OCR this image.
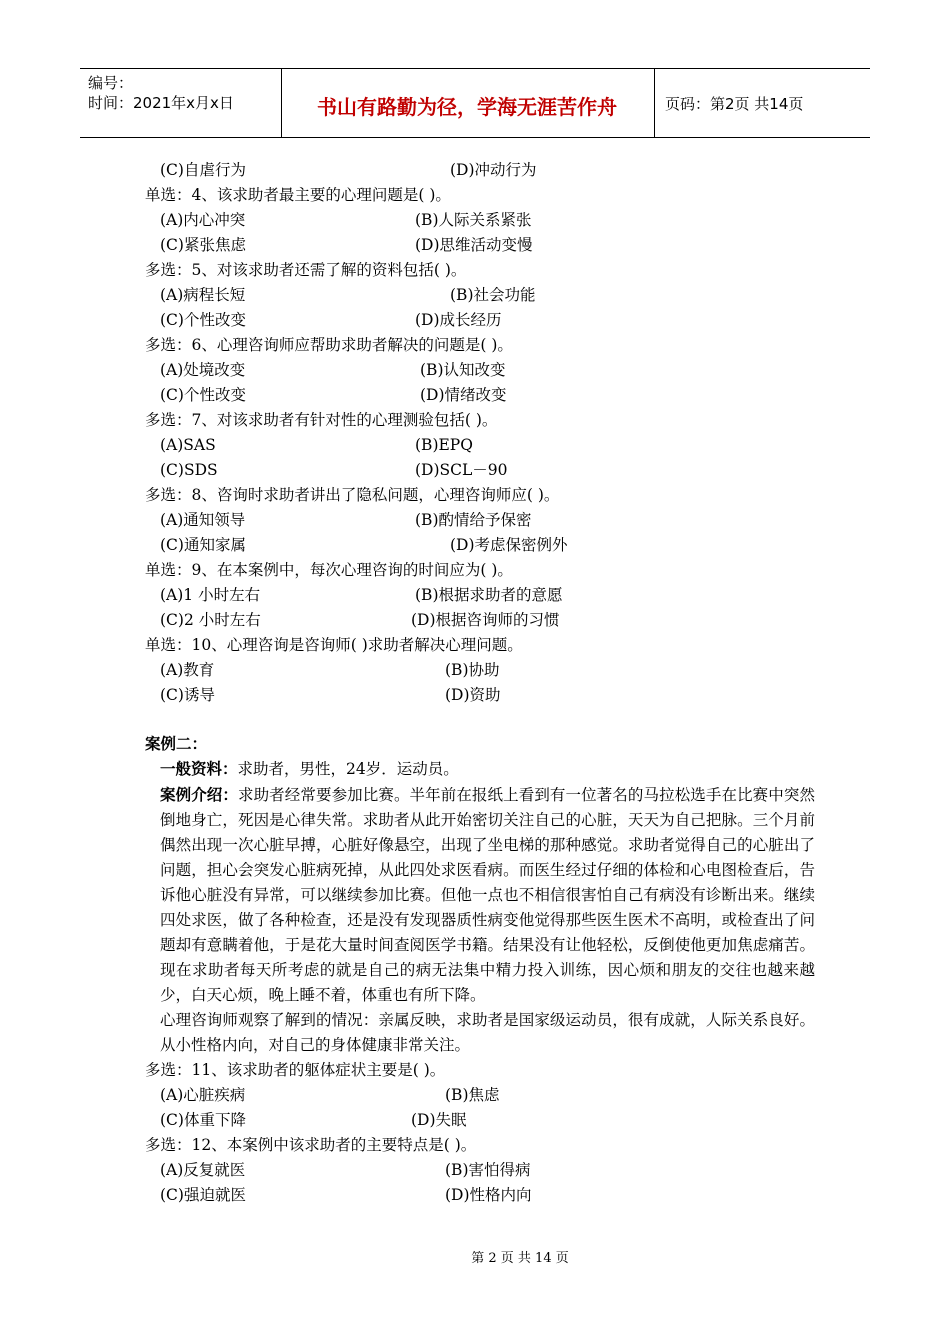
编号：
时间：2021年x月x日	书山有路勤为径，学海无涯苦作舟	页码：第2页 共14页
(C)自虐行为	(D)冲动行为
单选：4、该求助者最主要的心理问题是( )。
(A)内心冲突	(B)人际关系紧张
(C)紧张焦虑	(D)思维活动变慢
多选：5、对该求助者还需了解的资料包括( )。
(A)病程长短	(B)社会功能
(C)个性改变	(D)成长经历
多选：6、心理咨询师应帮助求助者解决的问题是( )。
(A)处境改变	(B)认知改变
(C)个性改变	(D)情绪改变
多选：7、对该求助者有针对性的心理测验包括( )。
(A)SAS	(B)EPQ
(C)SDS	(D)SCL－90
多选：8、咨询时求助者讲出了隐私问题，心理咨询师应( )。
(A)通知领导	(B)酌情给予保密
(C)通知家属	(D)考虑保密例外
单选：9、在本案例中，每次心理咨询的时间应为( )。
(A)1 小时左右	(B)根据求助者的意愿
(C)2 小时左右	(D)根据咨询师的习惯
单选：10、心理咨询是咨询师( )求助者解决心理问题。
(A)教育	(B)协助
(C)诱导	(D)资助
案例二：
一般资料：求助者，男性，24岁．运动员。
案例介绍：求助者经常要参加比赛。半年前在报纸上看到有一位著名的马拉松选手在比赛中突然倒地身亡，死因是心律失常。求助者从此开始密切关注自己的心脏，天天为自己把脉。三个月前偶然出现一次心脏早搏，心脏好像悬空，出现了坐电梯的那种感觉。求助者觉得自己的心脏出了问题，担心会突发心脏病死掉，从此四处求医看病。而医生经过仔细的体检和心电图检查后，告诉他心脏没有异常，可以继续参加比赛。但他一点也不相信很害怕自己有病没有诊断出来。继续四处求医，做了各种检查，还是没有发现器质性病变他觉得那些医生医术不高明，或检查出了问题却有意瞒着他，于是花大量时间查阅医学书籍。结果没有让他轻松，反倒使他更加焦虑痛苦。现在求助者每天所考虑的就是自己的病无法集中精力投入训练，因心烦和朋友的交往也越来越少，白天心烦，晚上睡不着，体重也有所下降。
心理咨询师观察了解到的情况：亲属反映，求助者是国家级运动员，很有成就，人际关系良好。从小性格内向，对自己的身体健康非常关注。
多选：11、该求助者的躯体症状主要是( )。
(A)心脏疾病	(B)焦虑
(C)体重下降	(D)失眠
多选：12、本案例中该求助者的主要特点是( )。
(A)反复就医	(B)害怕得病
(C)强迫就医	(D)性格内向
第 2 页 共 14 页
